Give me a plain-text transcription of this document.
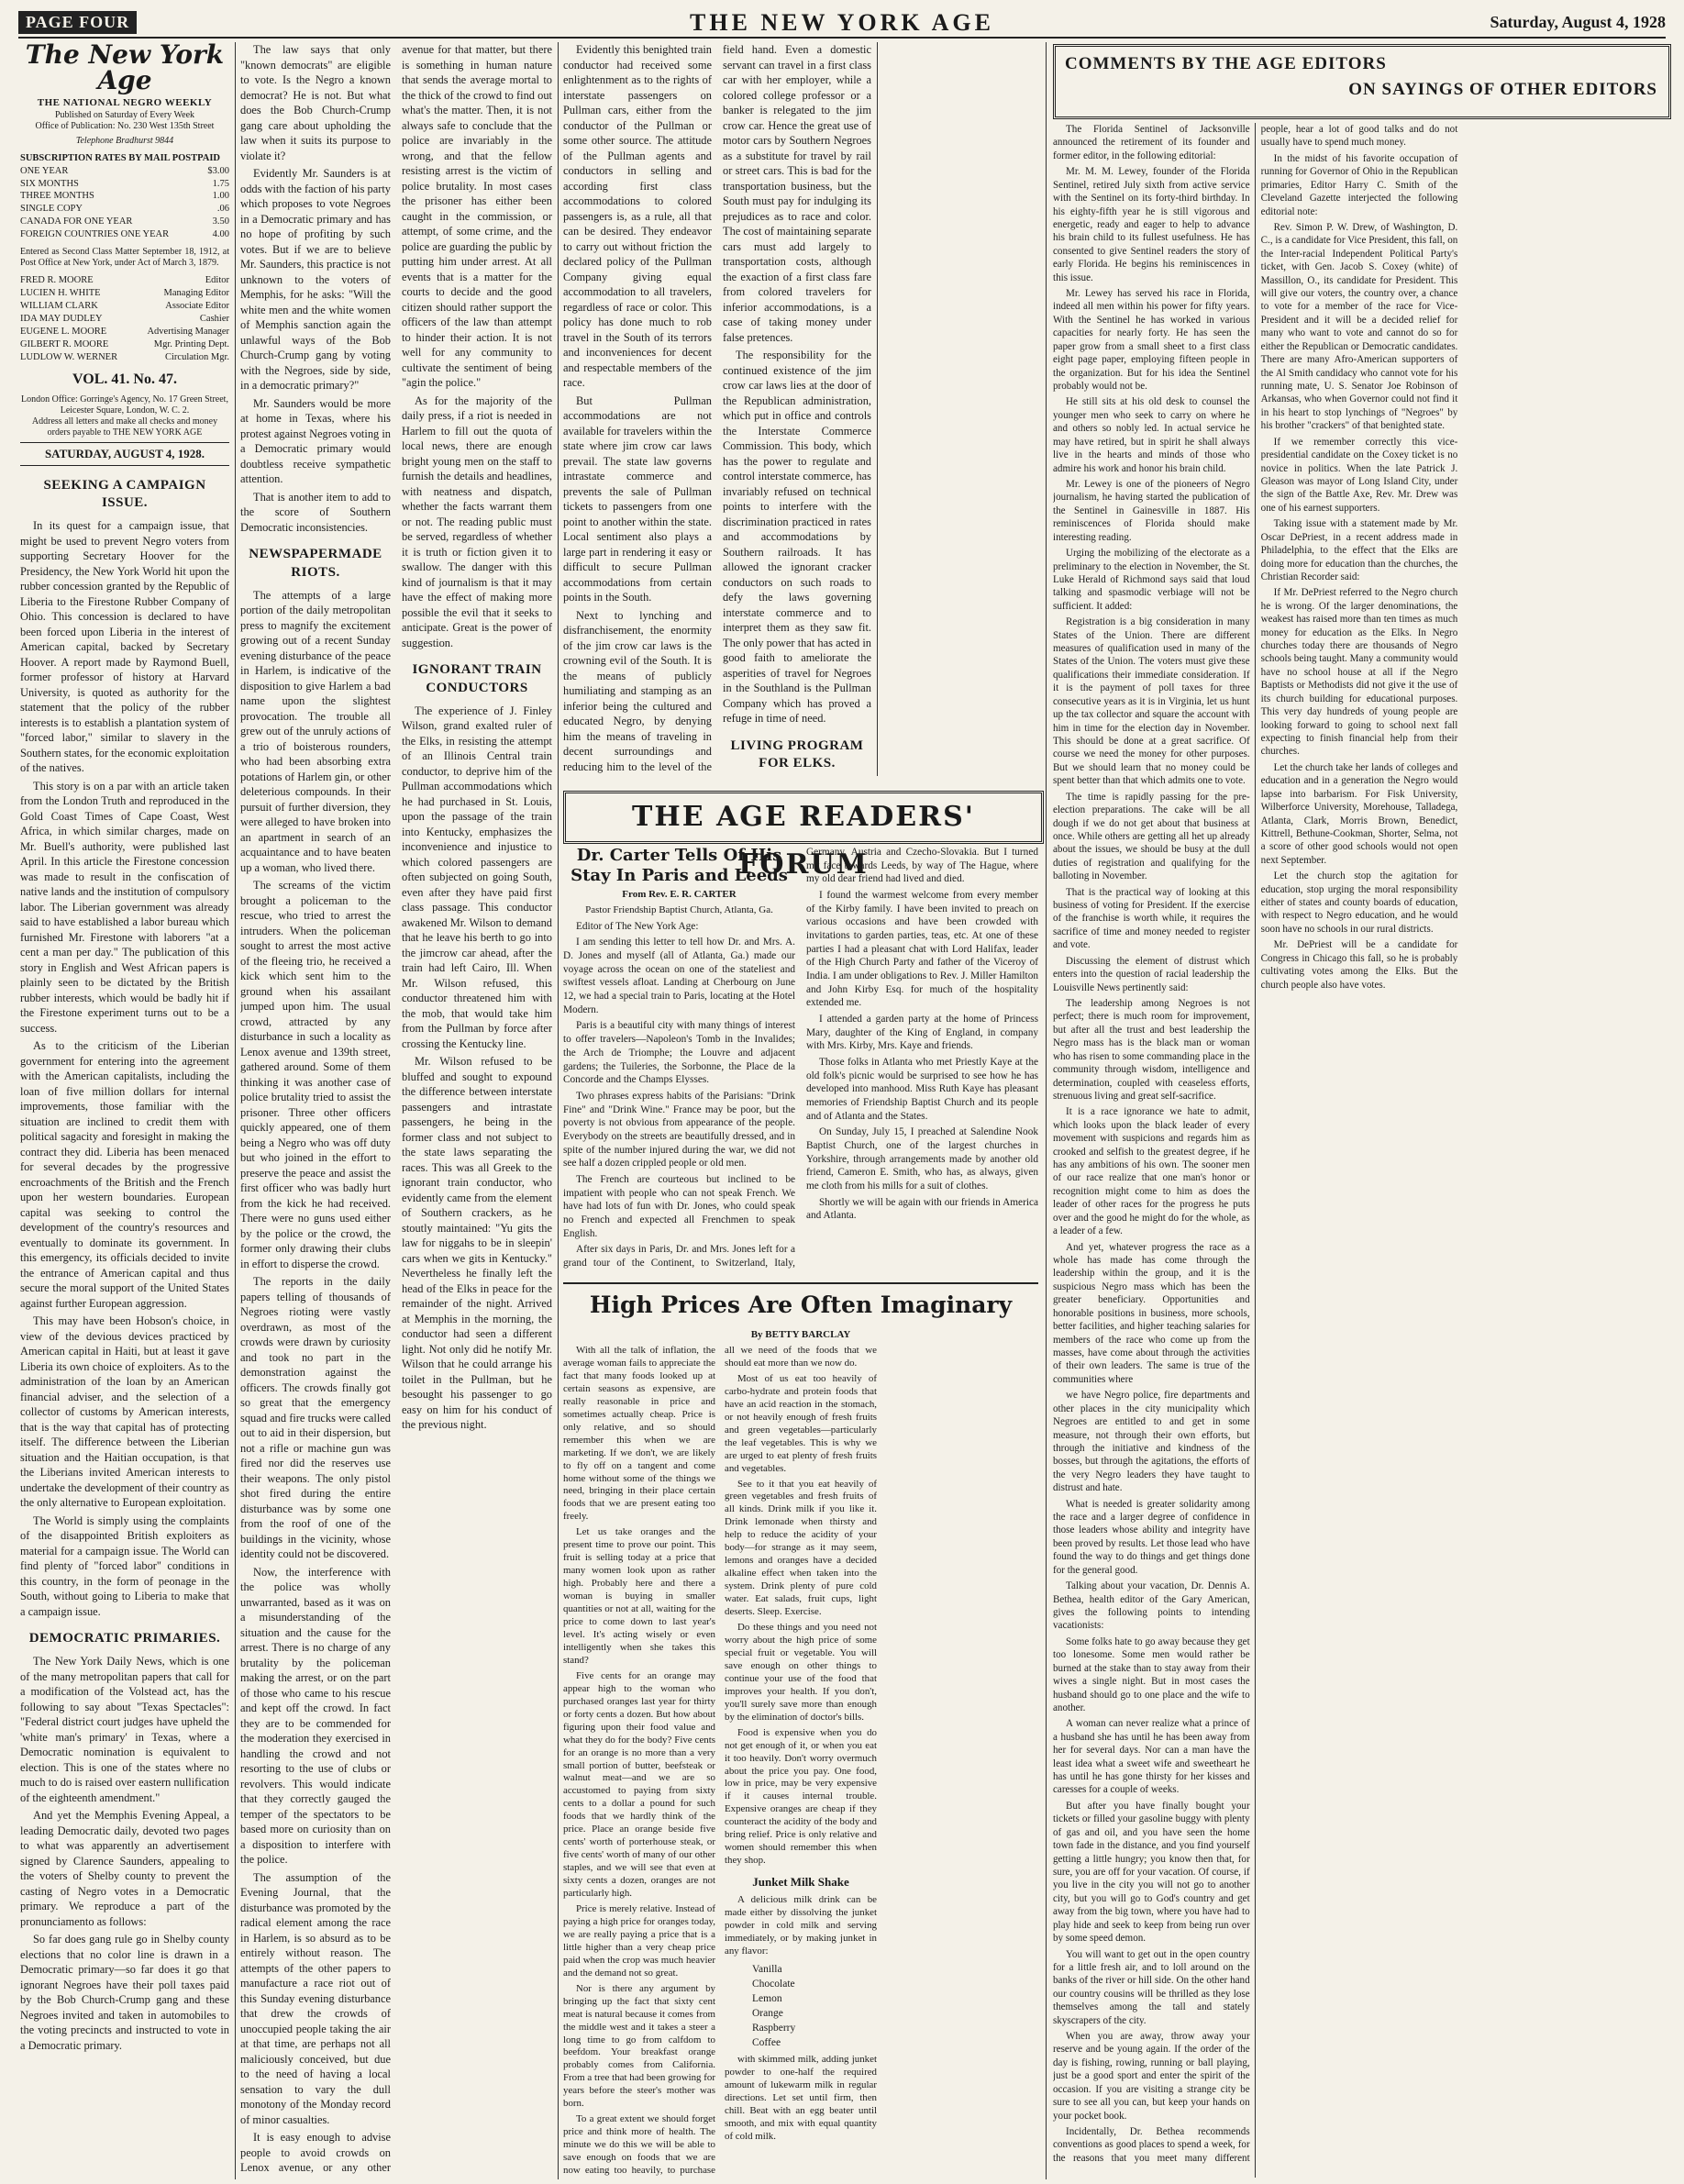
PAGE FOUR	THE NEW YORK AGE	Saturday, August 4, 1928
The New York Age
THE NATIONAL NEGRO WEEKLY
Published on Saturday of Every Week
Office of Publication: No. 230 West 135th Street
Telephone Bradhurst 9844
SUBSCRIPTION RATES BY MAIL POSTPAID
ONE YEAR	$3.00
SIX MONTHS	1.75
THREE MONTHS	1.00
SINGLE COPY	.06
CANADA FOR ONE YEAR	3.50
FOREIGN COUNTRIES ONE YEAR	4.00
Entered as Second Class Matter September 18, 1912, at Post Office at New York, under Act of March 3, 1879.
FRED R. MOORE	Editor
LUCIEN H. WHITE	Managing Editor
WILLIAM CLARK	Associate Editor
IDA MAY DUDLEY	Cashier
EUGENE L. MOORE	Advertising Manager
GILBERT R. MOORE	Mgr. Printing Dept.
LUDLOW W. WERNER	Circulation Mgr.
VOL. 41. No. 47.
London Office: Gorringe's Agency, No. 17 Green Street, Leicester Square, London, W. C. 2.
Address all letters and make all checks and money orders payable to THE NEW YORK AGE
SATURDAY, AUGUST 4, 1928.
SEEKING A CAMPAIGN ISSUE.

In its quest for a campaign issue, that might be used to prevent Negro voters from supporting Secretary Hoover for the Presidency, the New York World hit upon the rubber concession granted by the Republic of Liberia to the Firestone Rubber Company of Ohio. This concession is declared to have been forced upon Liberia in the interest of American capital, backed by Secretary Hoover. A report made by Raymond Buell, former professor of history at Harvard University, is quoted as authority for the statement that the policy of the rubber interests is to establish a plantation system of "forced labor," similar to slavery in the Southern states, for the economic exploitation of the natives.

This story is on a par with an article taken from the London Truth and reproduced in the Gold Coast Times of Cape Coast, West Africa, in which similar charges, made on Mr. Buell's authority, were published last April. In this article the Firestone concession was made to result in the confiscation of native lands and the institution of compulsory labor. The Liberian government was already said to have established a labor bureau which furnished Mr. Firestone with laborers "at a cent a man per day." The publication of this story in English and West African papers is plainly seen to be dictated by the British rubber interests, which would be badly hit if the Firestone experiment turns out to be a success.

As to the criticism of the Liberian government for entering into the agreement with the American capitalists, including the loan of five million dollars for internal improvements, those familiar with the situation are inclined to credit them with political sagacity and foresight in making the contract they did. Liberia has been menaced for several decades by the progressive encroachments of the British and the French upon her western boundaries. European capital was seeking to control the development of the country's resources and eventually to dominate its government. In this emergency, its officials decided to invite the entrance of American capital and thus secure the moral support of the United States against further European aggression.

This may have been Hobson's choice, in view of the devious devices practiced by American capital in Haiti, but at least it gave Liberia its own choice of exploiters. As to the administration of the loan by an American financial adviser, and the selection of a collector of customs by American interests, that is the way that capital has of protecting itself. The difference between the Liberian situation and the Haitian occupation, is that the Liberians invited American interests to undertake the development of their country as the only alternative to European exploitation.

The World is simply using the complaints of the disappointed British exploiters as material for a campaign issue. The World can find plenty of "forced labor" conditions in this country, in the form of peonage in the South, without going to Liberia to make that a campaign issue.

DEMOCRATIC PRIMARIES.

The New York Daily News, which is one of the many metropolitan papers that call for a modification of the Volstead act, has the following to say about "Texas Spectacles": "Federal district court judges have upheld the 'white man's primary' in Texas, where a Democratic nomination is equivalent to election. This is one of the states where no much to do is raised over eastern nullification of the eighteenth amendment."

And yet the Memphis Evening Appeal, a leading Democratic daily, devoted two pages to what was apparently an advertisement signed by Clarence Saunders, appealing to the voters of Shelby county to prevent the casting of Negro votes in a Democratic primary. We reproduce a part of the pronunciamento as follows:

So far does gang rule go in Shelby county elections that no color line is drawn in a Democratic primary—so far does it go that ignorant Negroes have their poll taxes paid by the Bob Church-Crump gang and these Negroes invited and taken in automobiles to the voting precincts and instructed to vote in a Democratic primary.

The law says that only "known democrats" are eligible to vote. Is the Negro a known democrat? He is not. But what does the Bob Church-Crump gang care about upholding the law when it suits its purpose to violate it?

Evidently Mr. Saunders is at odds with the faction of his party which proposes to vote Negroes in a Democratic primary and has no hope of profiting by such votes. But if we are to believe Mr. Saunders, this practice is not unknown to the voters of Memphis, for he asks: "Will the white men and the white women of Memphis sanction again the unlawful ways of the Bob Church-Crump gang by voting with the Negroes, side by side, in a democratic primary?"

Mr. Saunders would be more at home in Texas, where his protest against Negroes voting in a Democratic primary would doubtless receive sympathetic attention.

That is another item to add to the score of Southern Democratic inconsistencies.

NEWSPAPERMADE RIOTS.

The attempts of a large portion of the daily metropolitan press to magnify the excitement growing out of a recent Sunday evening disturbance of the peace in Harlem, is indicative of the disposition to give Harlem a bad name upon the slightest provocation. The trouble all grew out of the unruly actions of a trio of boisterous rounders, who had been absorbing extra potations of Harlem gin, or other deleterious compounds. In their pursuit of further diversion, they were alleged to have broken into an apartment in search of an acquaintance and to have beaten up a woman, who lived there.

The screams of the victim brought a policeman to the rescue, who tried to arrest the intruders. When the policeman sought to arrest the most active of the fleeing trio, he received a kick which sent him to the ground when his assailant jumped upon him. The usual crowd, attracted by any disturbance in such a locality as Lenox avenue and 139th street, gathered around. Some of them thinking it was another case of police brutality tried to assist the prisoner. Three other officers quickly appeared, one of them being a Negro who was off duty but who joined in the effort to preserve the peace and assist the first officer who was badly hurt from the kick he had received. There were no guns used either by the police or the crowd, the former only drawing their clubs in effort to disperse the crowd.

The reports in the daily papers telling of thousands of Negroes rioting were vastly overdrawn, as most of the crowds were drawn by curiosity and took no part in the demonstration against the officers. The crowds finally got so great that the emergency squad and fire trucks were called out to aid in their dispersion, but not a rifle or machine gun was fired nor did the reserves use their weapons. The only pistol shot fired during the entire disturbance was by some one from the roof of one of the buildings in the vicinity, whose identity could not be discovered.

Now, the interference with the police was wholly unwarranted, based as it was on a misunderstanding of the situation and the cause for the arrest. There is no charge of any brutality by the policeman making the arrest, or on the part of those who came to his rescue and kept off the crowd. In fact they are to be commended for the moderation they exercised in handling the crowd and not resorting to the use of clubs or revolvers. This would indicate that they correctly gauged the temper of the spectators to be based more on curiosity than on a disposition to interfere with the police.

The assumption of the Evening Journal, that the disturbance was promoted by the radical element among the race in Harlem, is so absurd as to be entirely without reason. The attempts of the other papers to manufacture a race riot out of this Sunday evening disturbance that drew the crowds of unoccupied people taking the air at that time, are perhaps not all maliciously conceived, but due to the need of having a local sensation to vary the dull monotony of the Monday record of minor casualties.

It is easy enough to advise people to avoid crowds on Lenox avenue, or any other avenue for that matter, but there is something in human nature that sends the average mortal to the thick of the crowd to find out what's the matter. Then, it is not always safe to conclude that the police are invariably in the wrong, and that the fellow resisting arrest is the victim of police brutality. In most cases the prisoner has either been caught in the commission, or attempt, of some crime, and the police are guarding the public by putting him under arrest. At all events that is a matter for the courts to decide and the good citizen should rather support the officers of the law than attempt to hinder their action. It is not well for any community to cultivate the sentiment of being "agin the police."

As for the majority of the daily press, if a riot is needed in Harlem to fill out the quota of local news, there are enough bright young men on the staff to furnish the details and headlines, with neatness and dispatch, whether the facts warrant them or not. The reading public must be served, regardless of whether it is truth or fiction given it to swallow. The danger with this kind of journalism is that it may have the effect of making more possible the evil that it seeks to anticipate. Great is the power of suggestion.

IGNORANT TRAIN CONDUCTORS

The experience of J. Finley Wilson, grand exalted ruler of the Elks, in resisting the attempt of an Illinois Central train conductor, to deprive him of the Pullman accommodations which he had purchased in St. Louis, upon the passage of the train into Kentucky, emphasizes the inconvenience and injustice to which colored passengers are often subjected on going South, even after they have paid first class passage. This conductor awakened Mr. Wilson to demand that he leave his berth to go into the jimcrow car ahead, after the train had left Cairo, Ill. When Mr. Wilson refused, this conductor threatened him with the mob, that would take him from the Pullman by force after crossing the Kentucky line.

Mr. Wilson refused to be bluffed and sought to expound the difference between interstate passengers and intrastate passengers, he being in the former class and not subject to the state laws separating the races. This was all Greek to the ignorant train conductor, who evidently came from the element of Southern crackers, as he stoutly maintained: "Yu gits the law for niggahs to be in sleepin' cars when we gits in Kentucky." Nevertheless he finally left the head of the Elks in peace for the remainder of the night. Arrived at Memphis in the morning, the conductor had seen a different light. Not only did he notify Mr. Wilson that he could arrange his toilet in the Pullman, but he besought his passenger to go easy on him for his conduct of the previous night.

Evidently this benighted train conductor had received some enlightenment as to the rights of interstate passengers on Pullman cars, either from the conductor of the Pullman or some other source. The attitude of the Pullman agents and conductors in selling and according first class accommodations to colored passengers is, as a rule, all that can be desired. They endeavor to carry out without friction the declared policy of the Pullman Company giving equal accommodation to all travelers, regardless of race or color. This policy has done much to rob travel in the South of its terrors and inconveniences for decent and respectable members of the race.

But Pullman accommodations are not available for travelers within the state where jim crow car laws prevail. The state law governs intrastate commerce and prevents the sale of Pullman tickets to passengers from one point to another within the state. Local sentiment also plays a large part in rendering it easy or difficult to secure Pullman accommodations from certain points in the South.

Next to lynching and disfranchisement, the enormity of the jim crow car laws is the crowning evil of the South. It is the means of publicly humiliating and stamping as an inferior being the cultured and educated Negro, by denying him the means of traveling in decent surroundings and reducing him to the level of the field hand. Even a domestic servant can travel in a first class car with her employer, while a colored college professor or a banker is relegated to the jim crow car. Hence the great use of motor cars by Southern Negroes as a substitute for travel by rail or street cars. This is bad for the transportation business, but the South must pay for indulging its prejudices as to race and color. The cost of maintaining separate cars must add largely to transportation costs, although the exaction of a first class fare from colored travelers for inferior accommodations, is a case of taking money under false pretences.

The responsibility for the continued existence of the jim crow car laws lies at the door of the Republican administration, which put in office and controls the Interstate Commerce Commission. This body, which has the power to regulate and control interstate commerce, has invariably refused on technical points to interfere with the discrimination practiced in rates and accommodations by Southern railroads. It has allowed the ignorant cracker conductors on such roads to defy the laws governing interstate commerce and to interpret them as they saw fit. The only power that has acted in good faith to ameliorate the asperities of travel for Negroes in the Southland is the Pullman Company which has proved a refuge in time of need.

LIVING PROGRAM FOR ELKS.

THE AGE READERS' FORUM
Dr. Carter Tells Of His Stay In Paris and Leeds
From Rev. E. R. CARTER
Pastor Friendship Baptist Church, Atlanta, Ga.

Editor of The New York Age:

I am sending this letter to tell how Dr. and Mrs. A. D. Jones and myself (all of Atlanta, Ga.) made our voyage across the ocean on one of the stateliest and swiftest vessels afloat. Landing at Cherbourg on June 12, we had a special train to Paris, locating at the Hotel Modern.

Paris is a beautiful city with many things of interest to offer travelers—Napoleon's Tomb in the Invalides; the Arch de Triomphe; the Louvre and adjacent gardens; the Tuileries, the Sorbonne, the Place de la Concorde and the Champs Elysses.

Two phrases express habits of the Parisians: "Drink Fine" and "Drink Wine." France may be poor, but the poverty is not obvious from appearance of the people. Everybody on the streets are beautifully dressed, and in spite of the number injured during the war, we did not see half a dozen crippled people or old men.

The French are courteous but inclined to be impatient with people who can not speak French. We have had lots of fun with Dr. Jones, who could speak no French and expected all Frenchmen to speak English.

After six days in Paris, Dr. and Mrs. Jones left for a grand tour of the Continent, to Switzerland, Italy, Germany, Austria and Czecho-Slovakia. But I turned my face towards Leeds, by way of The Hague, where my old dear friend had lived and died.

I found the warmest welcome from every member of the Kirby family. I have been invited to preach on various occasions and have been crowded with invitations to garden parties, teas, etc. At one of these parties I had a pleasant chat with Lord Halifax, leader of the High Church Party and father of the Viceroy of India. I am under obligations to Rev. J. Miller Hamilton and John Kirby Esq. for much of the hospitality extended me.

I attended a garden party at the home of Princess Mary, daughter of the King of England, in company with Mrs. Kirby, Mrs. Kaye and friends.

Those folks in Atlanta who met Priestly Kaye at the old folk's picnic would be surprised to see how he has developed into manhood. Miss Ruth Kaye has pleasant memories of Friendship Baptist Church and its people and of Atlanta and the States.

On Sunday, July 15, I preached at Salendine Nook Baptist Church, one of the largest churches in Yorkshire, through arrangements made by another old friend, Cameron E. Smith, who has, as always, given me cloth from his mills for a suit of clothes.

Shortly we will be again with our friends in America and Atlanta.

High Prices Are Often Imaginary
By BETTY BARCLAY

With all the talk of inflation, the average woman fails to appreciate the fact that many foods looked up at certain seasons as expensive, are really reasonable in price and sometimes actually cheap. Price is only relative, and so should remember this when we are marketing. If we don't, we are likely to fly off on a tangent and come home without some of the things we need, bringing in their place certain foods that we are present eating too freely.

Let us take oranges and the present time to prove our point. This fruit is selling today at a price that many women look upon as rather high. Probably here and there a woman is buying in smaller quantities or not at all, waiting for the price to come down to last year's level. It's acting wisely or even intelligently when she takes this stand?

Five cents for an orange may appear high to the woman who purchased oranges last year for thirty or forty cents a dozen. But how about figuring upon their food value and what they do for the body? Five cents for an orange is no more than a very small portion of butter, beefsteak or walnut meat—and we are so accustomed to paying from sixty cents to a dollar a pound for such foods that we hardly think of the price. Place an orange beside five cents' worth of porterhouse steak, or five cents' worth of many of our other staples, and we will see that even at sixty cents a dozen, oranges are not particularly high.

Price is merely relative. Instead of paying a high price for oranges today, we are really paying a price that is a little higher than a very cheap price paid when the crop was much heavier and the demand not so great.

Nor is there any argument by bringing up the fact that sixty cent meat is natural because it comes from the middle west and it takes a steer a long time to go from calfdom to beefdom. Your breakfast orange probably comes from California. From a tree that had been growing for years before the steer's mother was born.

To a great extent we should forget price and think more of health. The minute we do this we will be able to save enough on foods that we are now eating too heavily, to purchase all we need of the foods that we should eat more than we now do.

Most of us eat too heavily of carbo-hydrate and protein foods that have an acid reaction in the stomach, or not heavily enough of fresh fruits and green vegetables—particularly the leaf vegetables. This is why we are urged to eat plenty of fresh fruits and vegetables.

See to it that you eat heavily of green vegetables and fresh fruits of all kinds. Drink milk if you like it. Drink lemonade when thirsty and help to reduce the acidity of your body—for strange as it may seem, lemons and oranges have a decided alkaline effect when taken into the system. Drink plenty of pure cold water. Eat salads, fruit cups, light deserts. Sleep. Exercise.

Do these things and you need not worry about the high price of some special fruit or vegetable. You will save enough on other things to continue your use of the food that improves your health. If you don't, you'll surely save more than enough by the elimination of doctor's bills.

Food is expensive when you do not get enough of it, or when you eat it too heavily. Don't worry overmuch about the price you pay. One food, low in price, may be very expensive if it causes internal trouble. Expensive oranges are cheap if they counteract the acidity of the body and bring relief. Price is only relative and women should remember this when they shop.

Junket Milk Shake

A delicious milk drink can be made either by dissolving the junket powder in cold milk and serving immediately, or by making junket in any flavor:

Vanilla
Chocolate
Lemon
Orange
Raspberry
Coffee

with skimmed milk, adding junket powder to one-half the required amount of lukewarm milk in regular directions. Let set until firm, then chill. Beat with an egg beater until smooth, and mix with equal quantity of cold milk.

COMMENTS BY THE AGE EDITORS
ON SAYINGS OF OTHER EDITORS

The Florida Sentinel of Jacksonville announced the retirement of its founder and former editor, in the following editorial:

Mr. M. M. Lewey, founder of the Florida Sentinel, retired July sixth from active service with the Sentinel on its forty-third birthday. In his eighty-fifth year he is still vigorous and energetic, ready and eager to help to advance his brain child to its fullest usefulness. He has consented to give Sentinel readers the story of early Florida. He begins his reminiscences in this issue.

Mr. Lewey has served his race in Florida, indeed all men within his power for fifty years. With the Sentinel he has worked in various capacities for nearly forty. He has seen the paper grow from a small sheet to a first class eight page paper, employing fifteen people in the organization. But for his idea the Sentinel probably would not be.

He still sits at his old desk to counsel the younger men who seek to carry on where he and others so nobly led. In actual service he may have retired, but in spirit he shall always live in the hearts and minds of those who admire his work and honor his brain child.

Mr. Lewey is one of the pioneers of Negro journalism, he having started the publication of the Sentinel in Gainesville in 1887. His reminiscences of Florida should make interesting reading.

Urging the mobilizing of the electorate as a preliminary to the election in November, the St. Luke Herald of Richmond says said that loud talking and spasmodic verbiage will not be sufficient. It added:

Registration is a big consideration in many States of the Union. There are different measures of qualification used in many of the States of the Union. The voters must give these qualifications their immediate consideration. If it is the payment of poll taxes for three consecutive years as it is in Virginia, let us hunt up the tax collector and square the account with him in time for the election day in November. This should be done at a great sacrifice. Of course we need the money for other purposes. But we should learn that no money could be spent better than that which admits one to vote.

The time is rapidly passing for the pre-election preparations. The cake will be all dough if we do not get about that business at once. While others are getting all het up already about the issues, we should be busy at the dull duties of registration and qualifying for the balloting in November.

That is the practical way of looking at this business of voting for President. If the exercise of the franchise is worth while, it requires the sacrifice of time and money needed to register and vote.

Discussing the element of distrust which enters into the question of racial leadership the Louisville News pertinently said:

The leadership among Negroes is not perfect; there is much room for improvement, but after all the trust and best leadership the Negro mass has is the black man or woman who has risen to some commanding place in the community through wisdom, intelligence and determination, coupled with ceaseless efforts, strenuous living and great self-sacrifice.

It is a race ignorance we hate to admit, which looks upon the black leader of every movement with suspicions and regards him as crooked and selfish to the greatest degree, if he has any ambitions of his own. The sooner men of our race realize that one man's honor or recognition might come to him as does the leader of other races for the progress he puts over and the good he might do for the whole, as a leader of a few.

And yet, whatever progress the race as a whole has made has come through the leadership within the group, and it is the suspicious Negro mass which has been the greater beneficiary. Opportunities and honorable positions in business, more schools, better facilities, and higher teaching salaries for members of the race who come up from the masses, have come about through the activities of their own leaders. The same is true of the communities where

we have Negro police, fire departments and other places in the city municipality which Negroes are entitled to and get in some measure, not through their own efforts, but through the initiative and kindness of the bosses, but through the agitations, the efforts of the very Negro leaders they have taught to distrust and hate.

What is needed is greater solidarity among the race and a larger degree of confidence in those leaders whose ability and integrity have been proved by results. Let those lead who have found the way to do things and get things done for the general good.

Talking about your vacation, Dr. Dennis A. Bethea, health editor of the Gary American, gives the following points to intending vacationists:

Some folks hate to go away because they get too lonesome. Some men would rather be burned at the stake than to stay away from their wives a single night. But in most cases the husband should go to one place and the wife to another.

A woman can never realize what a prince of a husband she has until he has been away from her for several days. Nor can a man have the least idea what a sweet wife and sweetheart he has until he has gone thirsty for her kisses and caresses for a couple of weeks.

But after you have finally bought your tickets or filled your gasoline buggy with plenty of gas and oil, and you have seen the home town fade in the distance, and you find yourself getting a little hungry; you know then that, for sure, you are off for your vacation. Of course, if you live in the city you will not go to another city, but you will go to God's country and get away from the big town, where you have had to play hide and seek to keep from being run over by some speed demon.

You will want to get out in the open country for a little fresh air, and to loll around on the banks of the river or hill side. On the other hand our country cousins will be thrilled as they lose themselves among the tall and stately skyscrapers of the city.

When you are away, throw away your reserve and be young again. If the order of the day is fishing, rowing, running or ball playing, just be a good sport and enter the spirit of the occasion. If you are visiting a strange city be sure to see all you can, but keep your hands on your pocket book.

Incidentally, Dr. Bethea recommends conventions as good places to spend a week, for the reasons that you meet many different people, hear a lot of good talks and do not usually have to spend much money.

In the midst of his favorite occupation of running for Governor of Ohio in the Republican primaries, Editor Harry C. Smith of the Cleveland Gazette interjected the following editorial note:

Rev. Simon P. W. Drew, of Washington, D. C., is a candidate for Vice President, this fall, on the Inter-racial Independent Political Party's ticket, with Gen. Jacob S. Coxey (white) of Massillon, O., its candidate for President. This will give our voters, the country over, a chance to vote for a member of the race for Vice-President and it will be a decided relief for many who want to vote and cannot do so for either the Republican or Democratic candidates. There are many Afro-American supporters of the Al Smith candidacy who cannot vote for his running mate, U. S. Senator Joe Robinson of Arkansas, who when Governor could not find it in his heart to stop lynchings of "Negroes" by his brother "crackers" of that benighted state.

If we remember correctly this vice-presidential candidate on the Coxey ticket is no novice in politics. When the late Patrick J. Gleason was mayor of Long Island City, under the sign of the Battle Axe, Rev. Mr. Drew was one of his earnest supporters.

Taking issue with a statement made by Mr. Oscar DePriest, in a recent address made in Philadelphia, to the effect that the Elks are doing more for education than the churches, the Christian Recorder said:

If Mr. DePriest referred to the Negro church he is wrong. Of the larger denominations, the weakest has raised more than ten times as much money for education as the Elks. In Negro churches today there are thousands of Negro schools being taught. Many a community would have no school house at all if the Negro Baptists or Methodists did not give it the use of its church building for educational purposes. This very day hundreds of young people are looking forward to going to school next fall expecting to finish financial help from their churches.

Let the church take her lands of colleges and education and in a generation the Negro would lapse into barbarism. For Fisk University, Wilberforce University, Morehouse, Talladega, Atlanta, Clark, Morris Brown, Benedict, Kittrell, Bethune-Cookman, Shorter, Selma, not a score of other good schools would not open next September.

Let the church stop the agitation for education, stop urging the moral responsibility either of states and county boards of education, with respect to Negro education, and he would soon have no schools in our rural districts.

Mr. DePriest will be a candidate for Congress in Chicago this fall, so he is probably cultivating votes among the Elks. But the church people also have votes.
